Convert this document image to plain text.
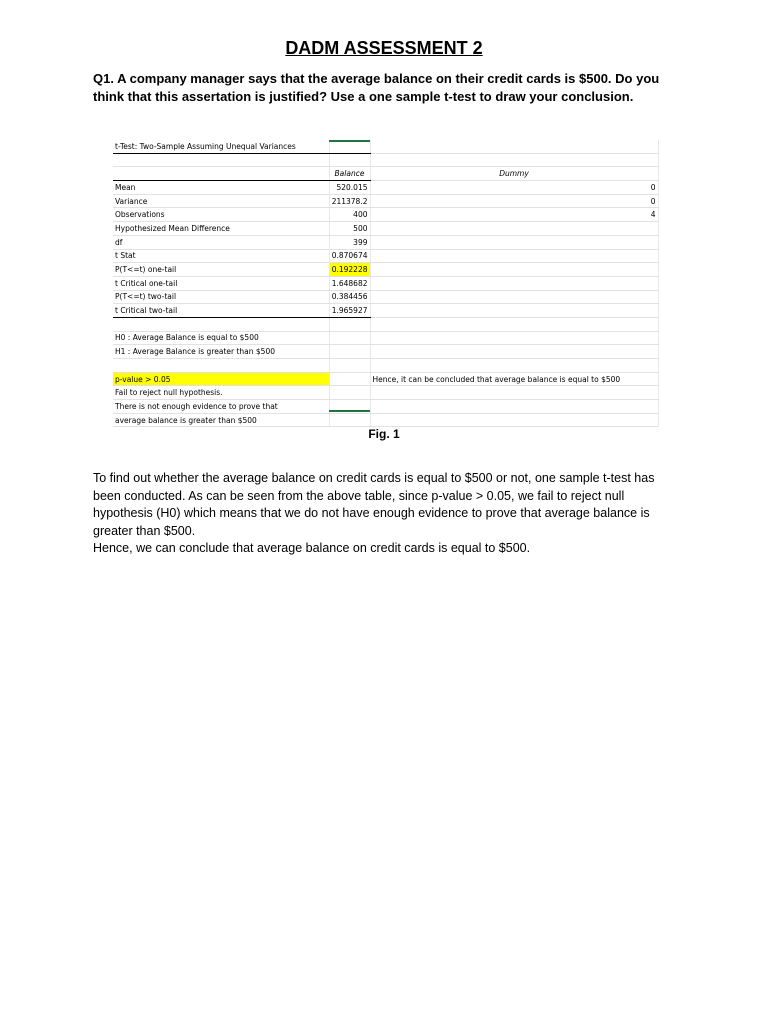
DADM ASSESSMENT 2
Q1. A company manager says that the average balance on their credit cards is $500. Do you think that this assertation is justified? Use a one sample t-test to draw your conclusion.
t-Test: Two-Sample Assuming Unequal Variances		

	Balance	Dummy
Mean	520.015	0
Variance	211378.2	0
Observations	400	4
Hypothesized Mean Difference	500	
df	399	
t Stat	0.870674	
P(T<=t) one-tail	0.192228	
t Critical one-tail	1.648682	
P(T<=t) two-tail	0.384456	
t Critical two-tail	1.965927	

H0 : Average Balance is equal to $500		
H1 : Average Balance is greater than $500		

p-value > 0.05		Hence, it can be concluded that average balance is equal to $500
Fail to reject null hypothesis.		
There is not enough evidence to prove that		
average balance is greater than $500		
Fig. 1

To find out whether the average balance on credit cards is equal to $500 or not, one sample t-test has been conducted. As can be seen from the above table, since p-value > 0.05, we fail to reject null hypothesis (H0) which means that we do not have enough evidence to prove that average balance is greater than $500.

Hence, we can conclude that average balance on credit cards is equal to $500.
